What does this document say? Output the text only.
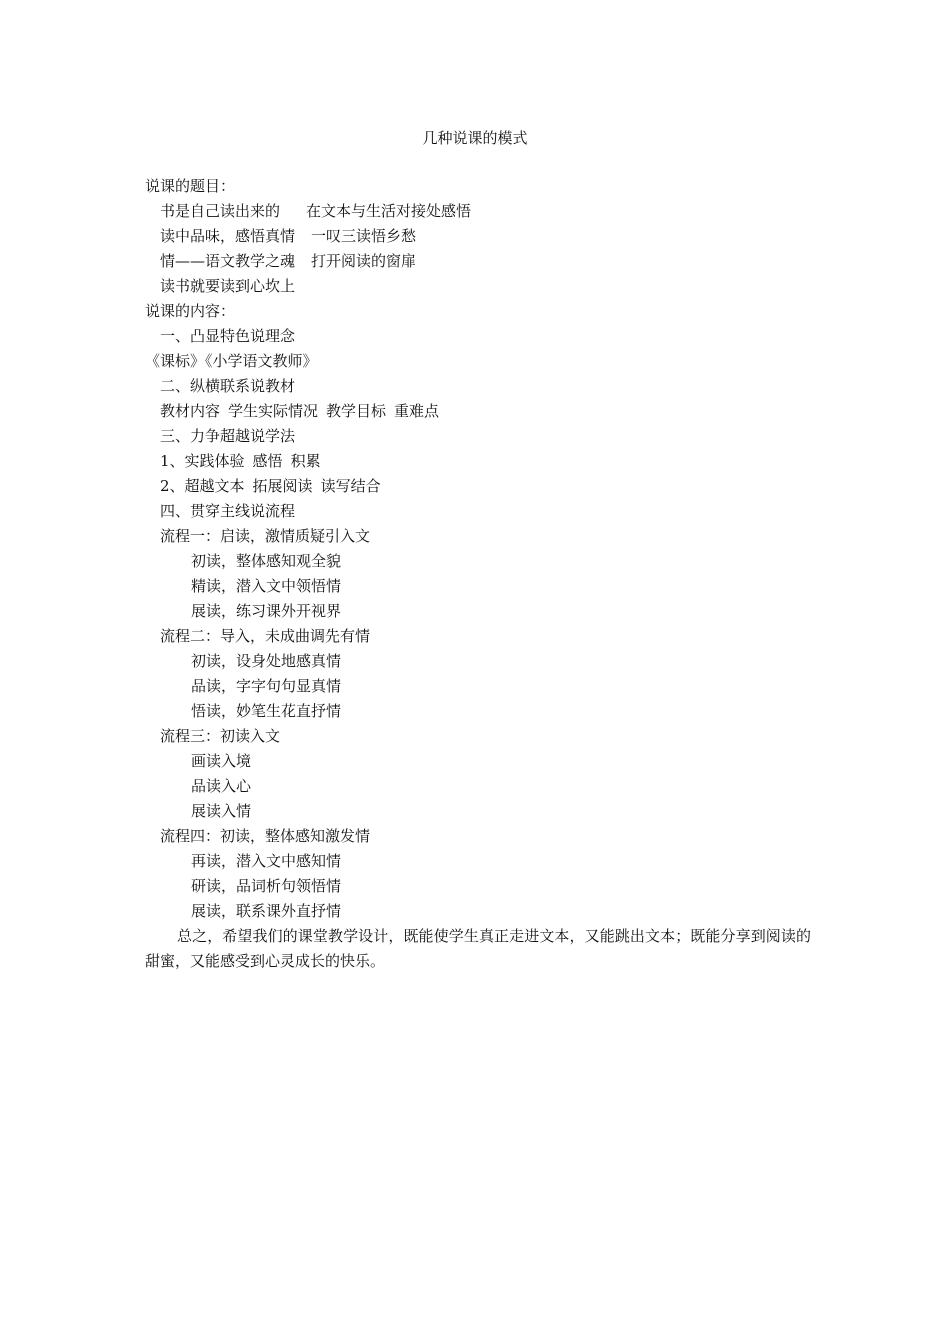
几种说课的模式
说课的题目：
书是自己读出来的 在文本与生活对接处感悟
读中品味，感悟真情 一叹三读悟乡愁
情——语文教学之魂 打开阅读的窗扉
读书就要读到心坎上
说课的内容：
一、凸显特色说理念
《课标》《小学语文教师》
二、纵横联系说教材
教材内容 学生实际情况 教学目标 重难点
三、力争超越说学法
1、实践体验 感悟 积累
2、超越文本 拓展阅读 读写结合
四、贯穿主线说流程
流程一：启读，激情质疑引入文
初读，整体感知观全貌
精读，潜入文中领悟情
展读，练习课外开视界
流程二：导入，未成曲调先有情
初读，设身处地感真情
品读，字字句句显真情
悟读，妙笔生花直抒情
流程三：初读入文
画读入境
品读入心
展读入情
流程四：初读，整体感知激发情
再读，潜入文中感知情
研读，品词析句领悟情
展读，联系课外直抒情
总之，希望我们的课堂教学设计，既能使学生真正走进文本，又能跳出文本；既能分享到阅读的甜蜜，又能感受到心灵成长的快乐。
